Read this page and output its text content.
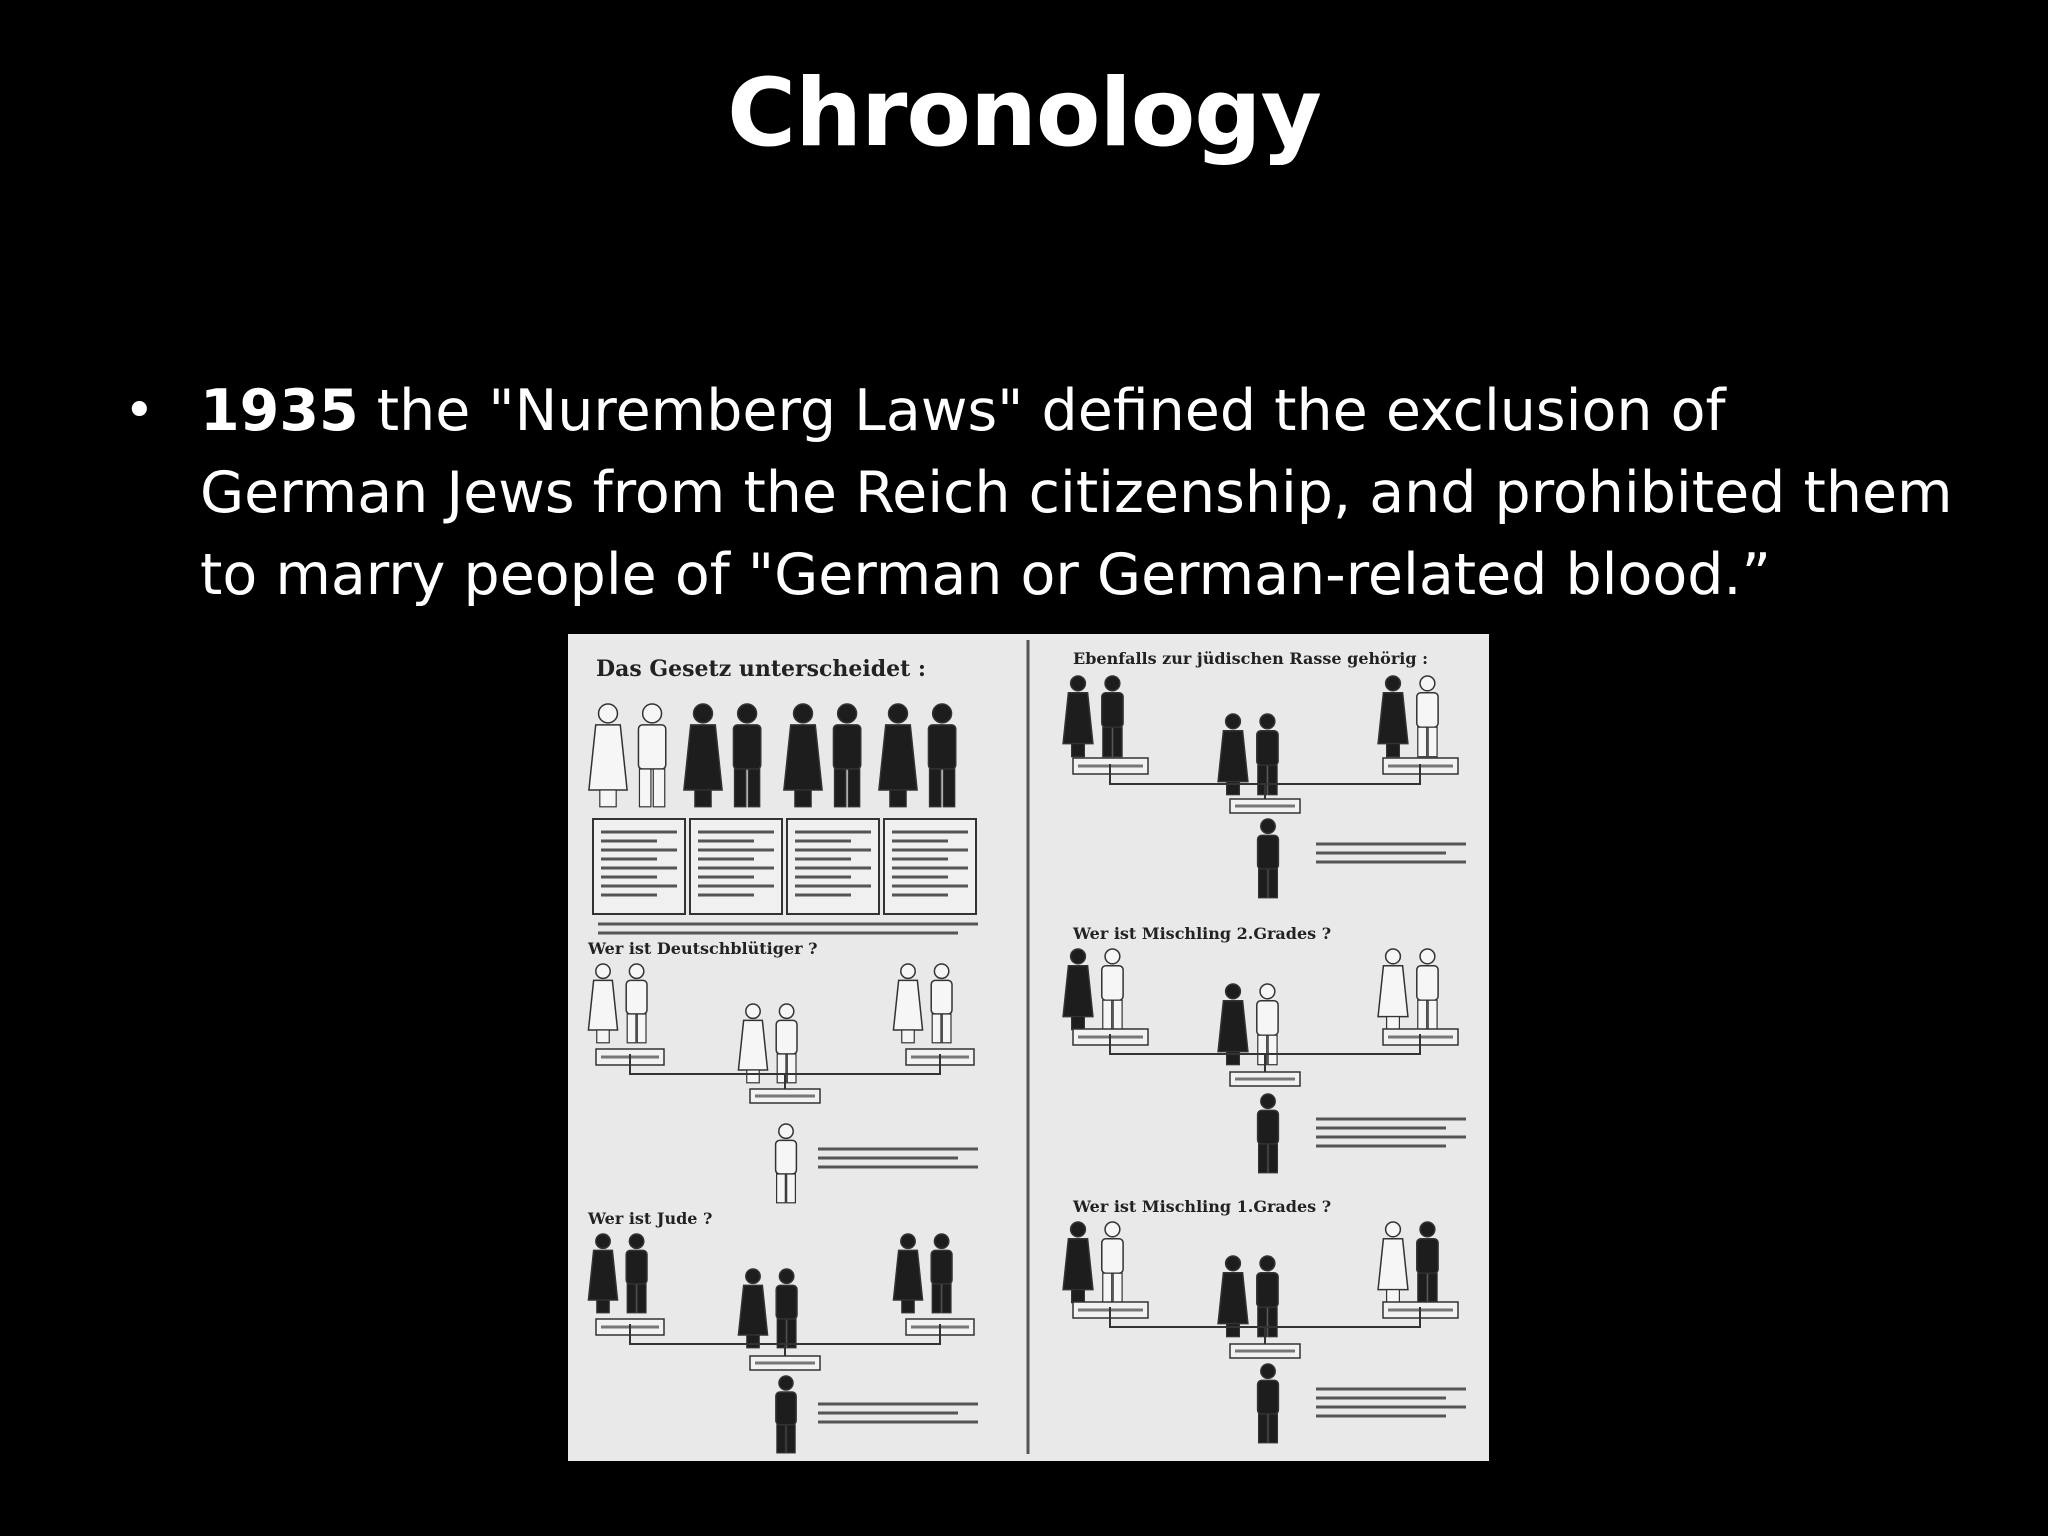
Chronology
• 1935 the "Nuremberg Laws" defined the exclusion of German Jews from the Reich citizenship, and prohibited them to marry people of "German or German-related blood.”
Das Gesetz unterscheidet :	Ebenfalls zur jüdischen Rasse gehörig :
Wer ist Deutschblütiger ?
Wer ist Jude ?
Wer ist Mischling 2.Grades ?
Wer ist Mischling 1.Grades ?
